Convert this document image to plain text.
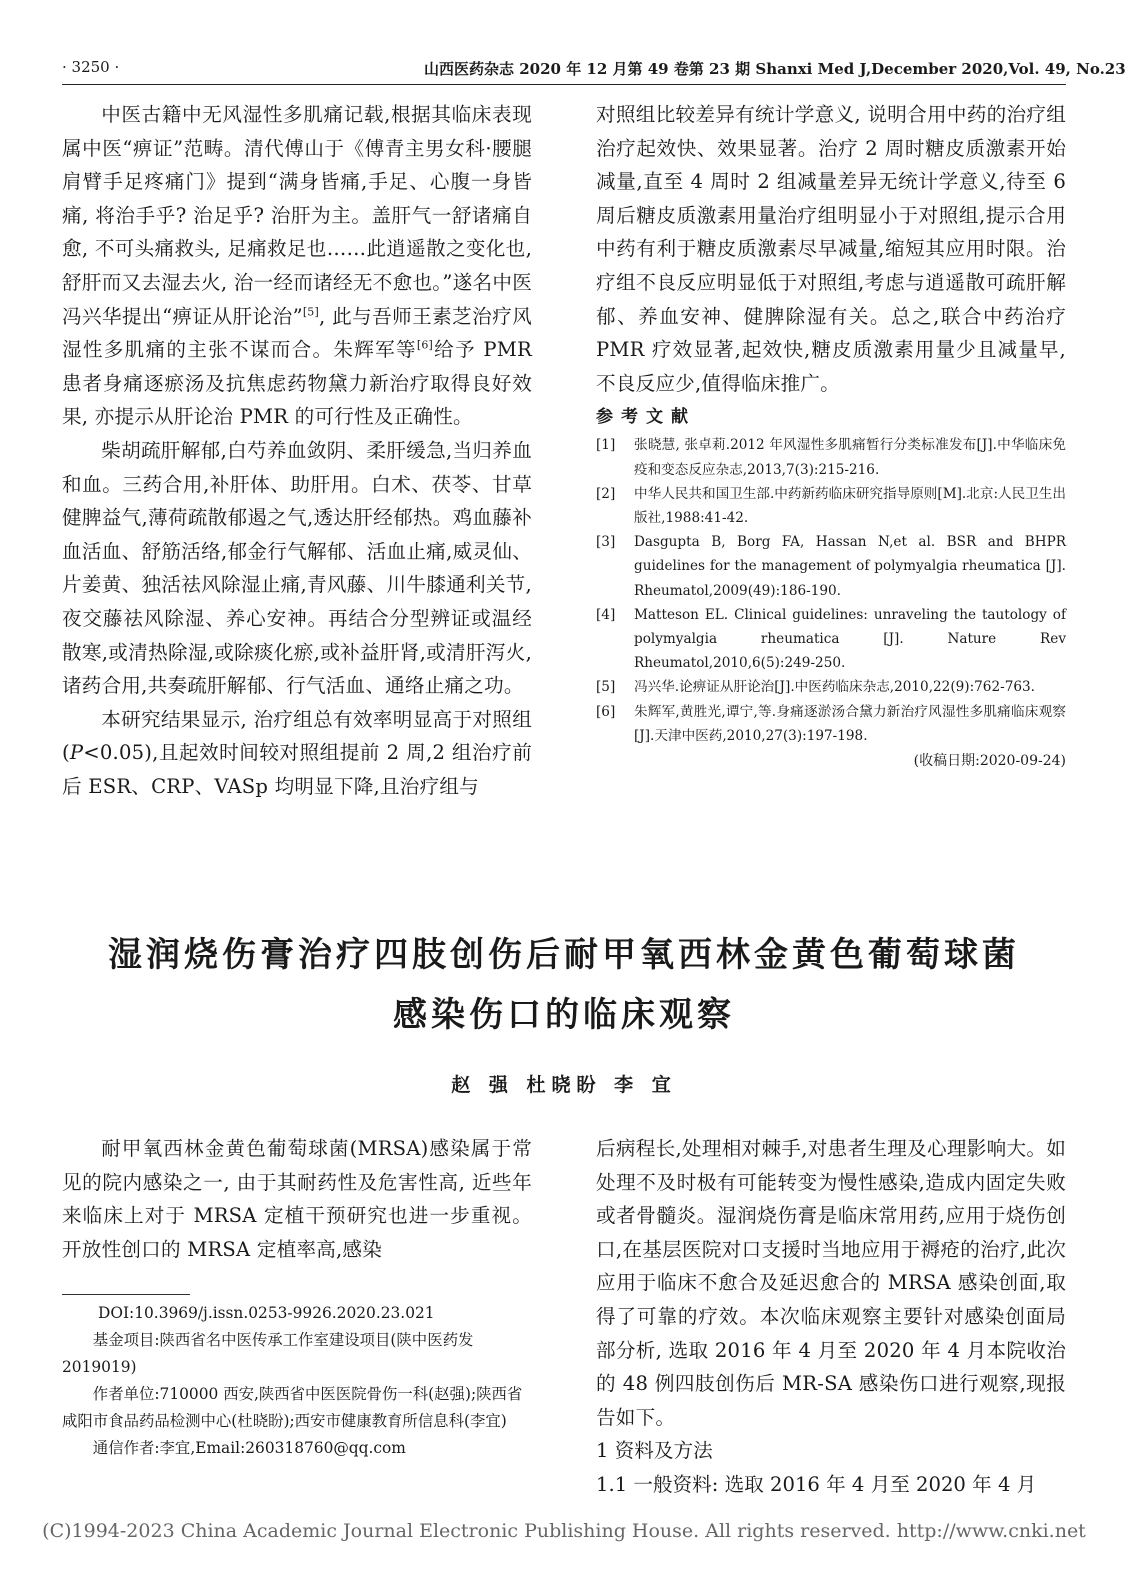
· 3250 ·	山西医药杂志 2020 年 12 月第 49 卷第 23 期 Shanxi Med J,December 2020,Vol. 49, No.23

中医古籍中无风湿性多肌痛记载,根据其临床表现属中医“痹证”范畴。清代傅山于《傅青主男女科·腰腿肩臂手足疼痛门》提到“满身皆痛,手足、心腹一身皆痛, 将治手乎? 治足乎? 治肝为主。盖肝气一舒诸痛自愈, 不可头痛救头, 足痛救足也……此逍遥散之变化也, 舒肝而又去湿去火, 治一经而诸经无不愈也。”遂名中医冯兴华提出“痹证从肝论治”[5], 此与吾师王素芝治疗风湿性多肌痛的主张不谋而合。朱辉军等[6]给予 PMR 患者身痛逐瘀汤及抗焦虑药物黛力新治疗取得良好效果, 亦提示从肝论治 PMR 的可行性及正确性。

柴胡疏肝解郁,白芍养血敛阴、柔肝缓急,当归养血和血。三药合用,补肝体、助肝用。白术、茯苓、甘草健脾益气,薄荷疏散郁遏之气,透达肝经郁热。鸡血藤补血活血、舒筋活络,郁金行气解郁、活血止痛,威灵仙、片姜黄、独活祛风除湿止痛,青风藤、川牛膝通利关节,夜交藤祛风除湿、养心安神。再结合分型辨证或温经散寒,或清热除湿,或除痰化瘀,或补益肝肾,或清肝泻火,诸药合用,共奏疏肝解郁、行气活血、通络止痛之功。

本研究结果显示, 治疗组总有效率明显高于对照组(P<0.05),且起效时间较对照组提前 2 周,2 组治疗前后 ESR、CRP、VASp 均明显下降,且治疗组与

对照组比较差异有统计学意义, 说明合用中药的治疗组治疗起效快、效果显著。治疗 2 周时糖皮质激素开始减量,直至 4 周时 2 组减量差异无统计学意义,待至 6 周后糖皮质激素用量治疗组明显小于对照组,提示合用中药有利于糖皮质激素尽早减量,缩短其应用时限。治疗组不良反应明显低于对照组,考虑与逍遥散可疏肝解郁、养血安神、健脾除湿有关。总之,联合中药治疗 PMR 疗效显著,起效快,糖皮质激素用量少且减量早,不良反应少,值得临床推广。

参考文献

[1]	张晓慧, 张卓莉.2012 年风湿性多肌痛暂行分类标准发布[J].中华临床免疫和变态反应杂志,2013,7(3):215-216.
[2]	中华人民共和国卫生部.中药新药临床研究指导原则[M].北京:人民卫生出版社,1988:41-42.
[3]	Dasgupta B, Borg FA, Hassan N,et al. BSR and BHPR guidelines for the management of polymyalgia rheumatica [J]. Rheumatol,2009(49):186-190.
[4]	Matteson EL. Clinical guidelines: unraveling the tautology of polymyalgia rheumatica [J]. Nature Rev Rheumatol,2010,6(5):249-250.
[5]	冯兴华.论痹证从肝论治[J].中医药临床杂志,2010,22(9):762-763.
[6]	朱辉军,黄胜光,谭宁,等.身痛逐淤汤合黛力新治疗风湿性多肌痛临床观察[J].天津中医药,2010,27(3):197-198.
(收稿日期:2020-09-24)
湿润烧伤膏治疗四肢创伤后耐甲氧西林金黄色葡萄球菌
感染伤口的临床观察
赵 强 杜晓盼 李 宜

耐甲氧西林金黄色葡萄球菌(MRSA)感染属于常见的院内感染之一, 由于其耐药性及危害性高, 近些年来临床上对于 MRSA 定植干预研究也进一步重视。开放性创口的 MRSA 定植率高,感染

DOI:10.3969/j.issn.0253-9926.2020.23.021

基金项目:陕西省名中医传承工作室建设项目(陕中医药发 2019019)

作者单位:710000 西安,陕西省中医医院骨伤一科(赵强);陕西省咸阳市食品药品检测中心(杜晓盼);西安市健康教育所信息科(李宜)

通信作者:李宜,Email:260318760@qq.com

后病程长,处理相对棘手,对患者生理及心理影响大。如处理不及时极有可能转变为慢性感染,造成内固定失败或者骨髓炎。湿润烧伤膏是临床常用药,应用于烧伤创口,在基层医院对口支援时当地应用于褥疮的治疗,此次应用于临床不愈合及延迟愈合的 MRSA 感染创面,取得了可靠的疗效。本次临床观察主要针对感染创面局部分析, 选取 2016 年 4 月至 2020 年 4 月本院收治的 48 例四肢创伤后 MR-SA 感染伤口进行观察,现报告如下。

1 资料及方法

1.1 一般资料: 选取 2016 年 4 月至 2020 年 4 月

(C)1994-2023 China Academic Journal Electronic Publishing House. All rights reserved. http://www.cnki.net
